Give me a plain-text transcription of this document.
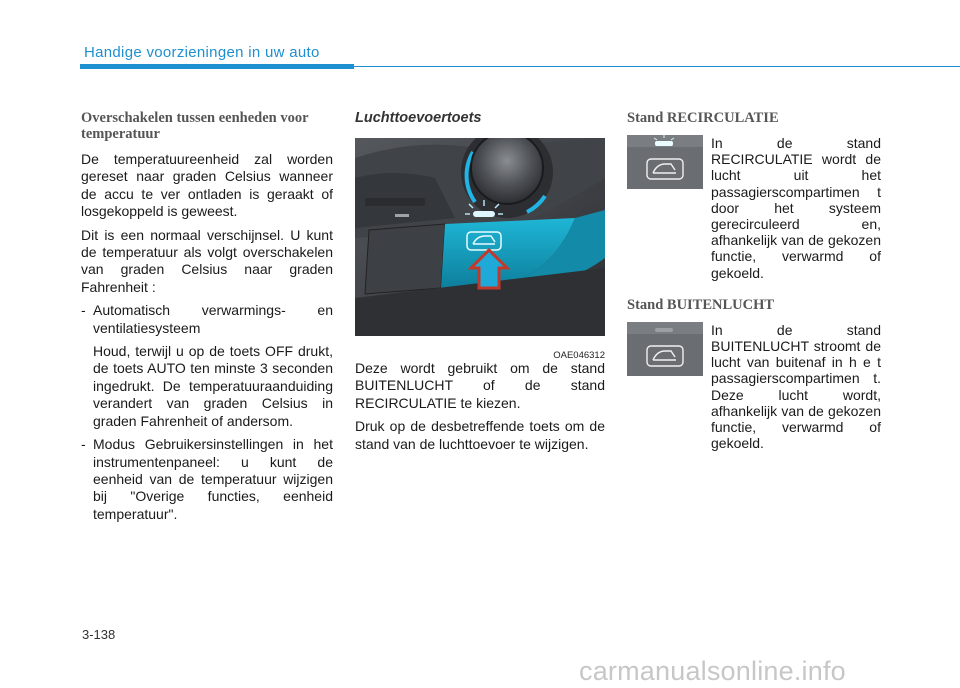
Handige voorzieningen in uw auto
Overschakelen tussen eenheden voor temperatuur

De temperatuureenheid zal worden gereset naar graden Celsius wanneer de accu te ver ontladen is geraakt of losgekoppeld is geweest.

Dit is een normaal verschijnsel. U kunt de temperatuur als volgt overschakelen van graden Celsius naar graden Fahrenheit :

- Automatisch verwarmings- en ventilatiesysteem

Houd, terwijl u op de toets OFF drukt, de toets AUTO ten minste 3 seconden ingedrukt. De temperatuuraanduiding verandert van graden Celsius in graden Fahrenheit of andersom.

- Modus Gebruikersinstellingen in het instrumentenpaneel: u kunt de eenheid van de temperatuur wijzigen bij "Overige functies, eenheid temperatuur".
Luchttoevoertoets
OAE046312

Deze wordt gebruikt om de stand BUITENLUCHT of de stand RECIRCULATIE te kiezen.

Druk op de desbetreffende toets om de stand van de luchttoevoer te wijzigen.

Stand RECIRCULATIE

In de stand RECIRCULATIE wordt de lucht uit het passagierscompartimen t door het systeem gerecirculeerd en, afhankelijk van de gekozen functie, verwarmd of gekoeld.

Stand BUITENLUCHT

In de stand BUITENLUCHT stroomt de lucht van buitenaf in h e t passagierscompartimen t. Deze lucht wordt, afhankelijk van de gekozen functie, verwarmd of gekoeld.

3-138
carmanualsonline.info
